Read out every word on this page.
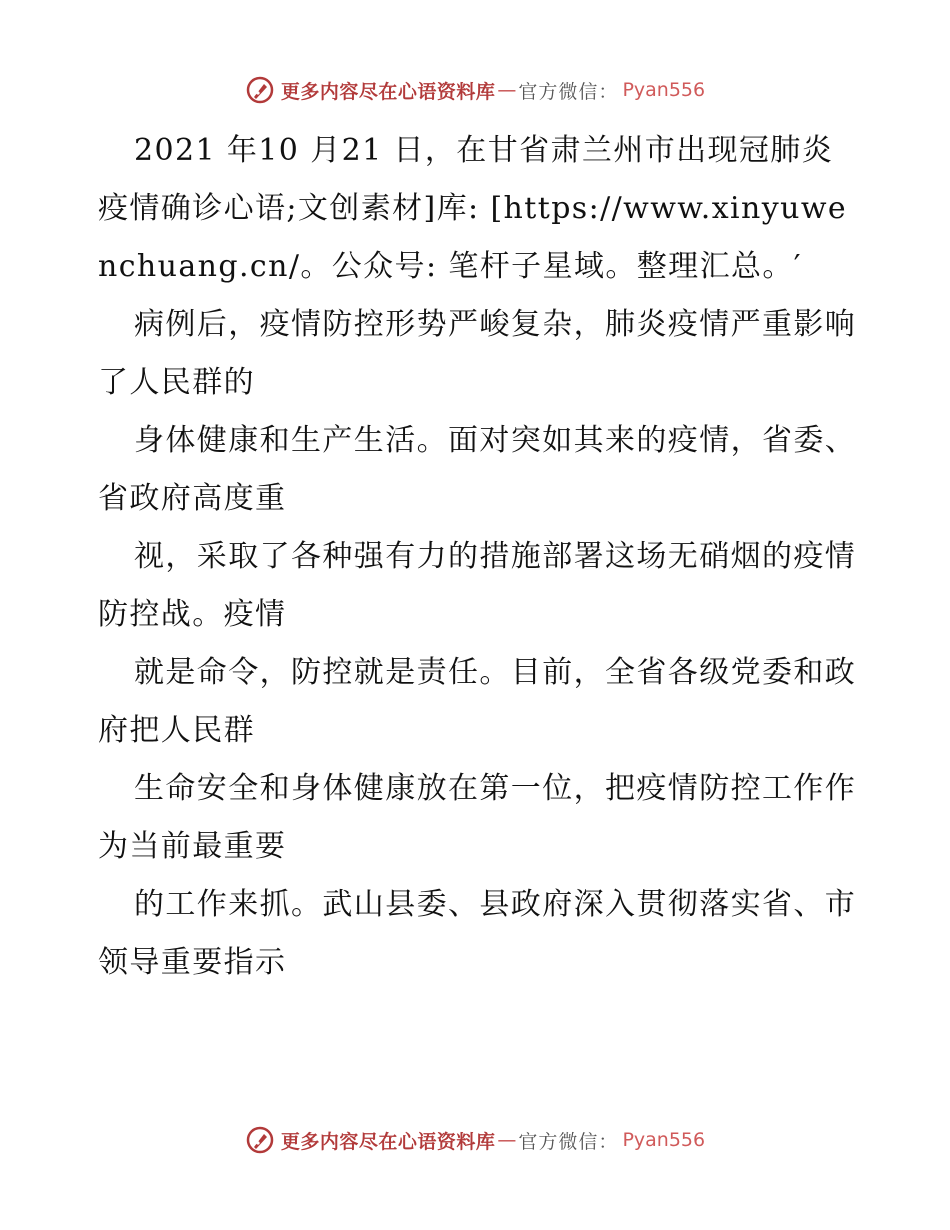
更多内容尽在心语资料库 — 官方微信： Pyan556

2021 年10 月21 日，在甘省肃兰州市出现冠肺炎疫情确诊心语;文创素材]库: [https://www.xinyuwenchuang.cn/。公众号: 笔杆子星域。整理汇总。′

病例后，疫情防控形势严峻复杂，肺炎疫情严重影响了人民群的

身体健康和生产生活。面对突如其来的疫情，省委、省政府高度重

视，采取了各种强有力的措施部署这场无硝烟的疫情防控战。疫情

就是命令，防控就是责任。目前，全省各级党委和政府把人民群

生命安全和身体健康放在第一位，把疫情防控工作作为当前最重要

的工作来抓。武山县委、县政府深入贯彻落实省、市领导重要指示

更多内容尽在心语资料库 — 官方微信： Pyan556
